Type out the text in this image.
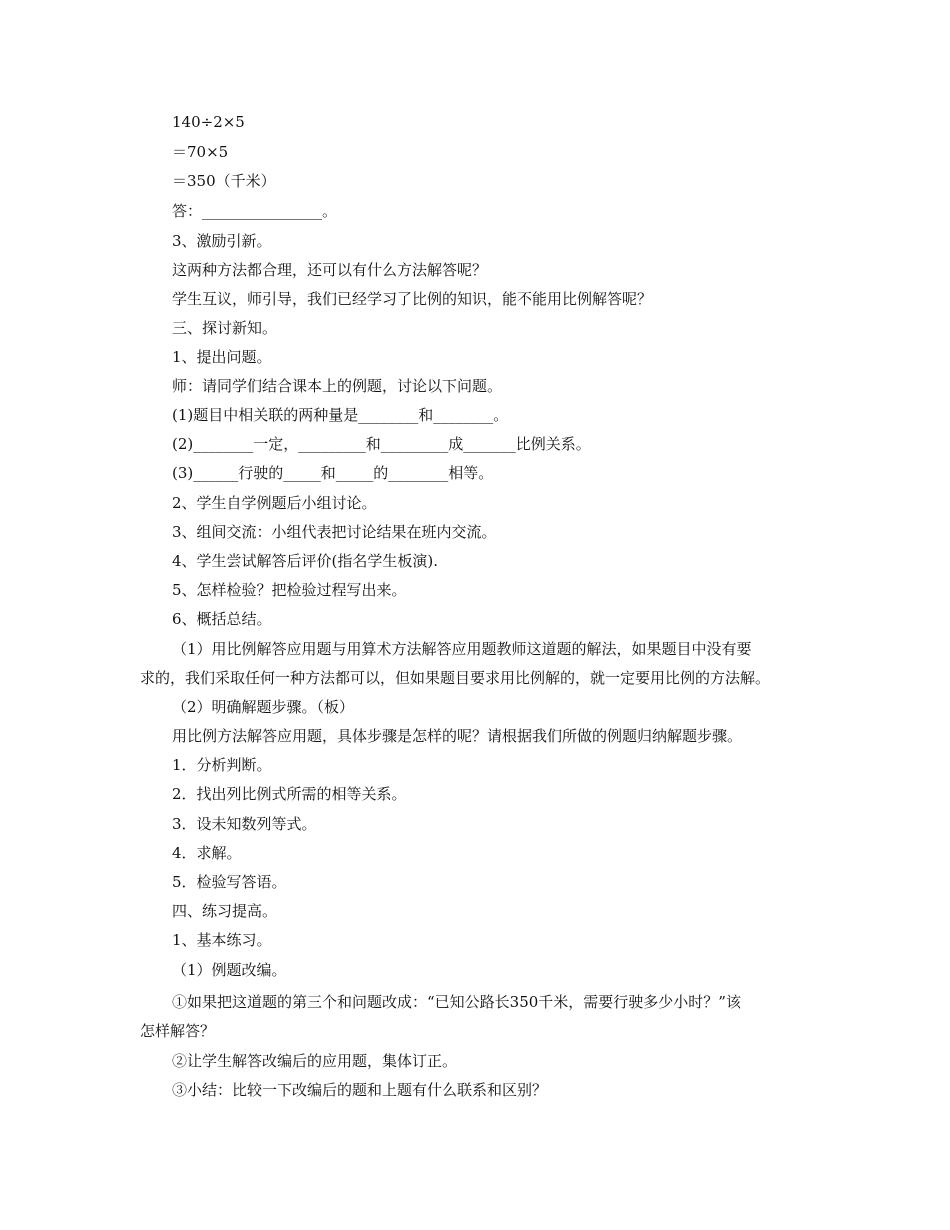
140÷2×5
＝70×5
＝350（千米）
答：________________。
3、激励引新。
这两种方法都合理，还可以有什么方法解答呢？
学生互议，师引导，我们已经学习了比例的知识，能不能用比例解答呢？
三、探讨新知。
1、提出问题。
师：请同学们结合课本上的例题，讨论以下问题。
(1)题目中相关联的两种量是________和________。
(2)________一定，_________和_________成_______比例关系。
(3)______行驶的_____和_____的________相等。
2、学生自学例题后小组讨论。
3、组间交流：小组代表把讨论结果在班内交流。
4、学生尝试解答后评价(指名学生板演).
5、怎样检验？把检验过程写出来。
6、概括总结。
（1）用比例解答应用题与用算术方法解答应用题教师这道题的解法，如果题目中没有要
求的，我们采取任何一种方法都可以，但如果题目要求用比例解的，就一定要用比例的方法解。
（2）明确解题步骤。（板）
用比例方法解答应用题，具体步骤是怎样的呢？请根据我们所做的例题归纳解题步骤。
1．分析判断。
2．找出列比例式所需的相等关系。
3．设未知数列等式。
4．求解。
5．检验写答语。
四、练习提高。
1、基本练习。
（1）例题改编。
①如果把这道题的第三个和问题改成：“已知公路长350千米，需要行驶多少小时？”该
怎样解答？
②让学生解答改编后的应用题，集体订正。
③小结：比较一下改编后的题和上题有什么联系和区别？
